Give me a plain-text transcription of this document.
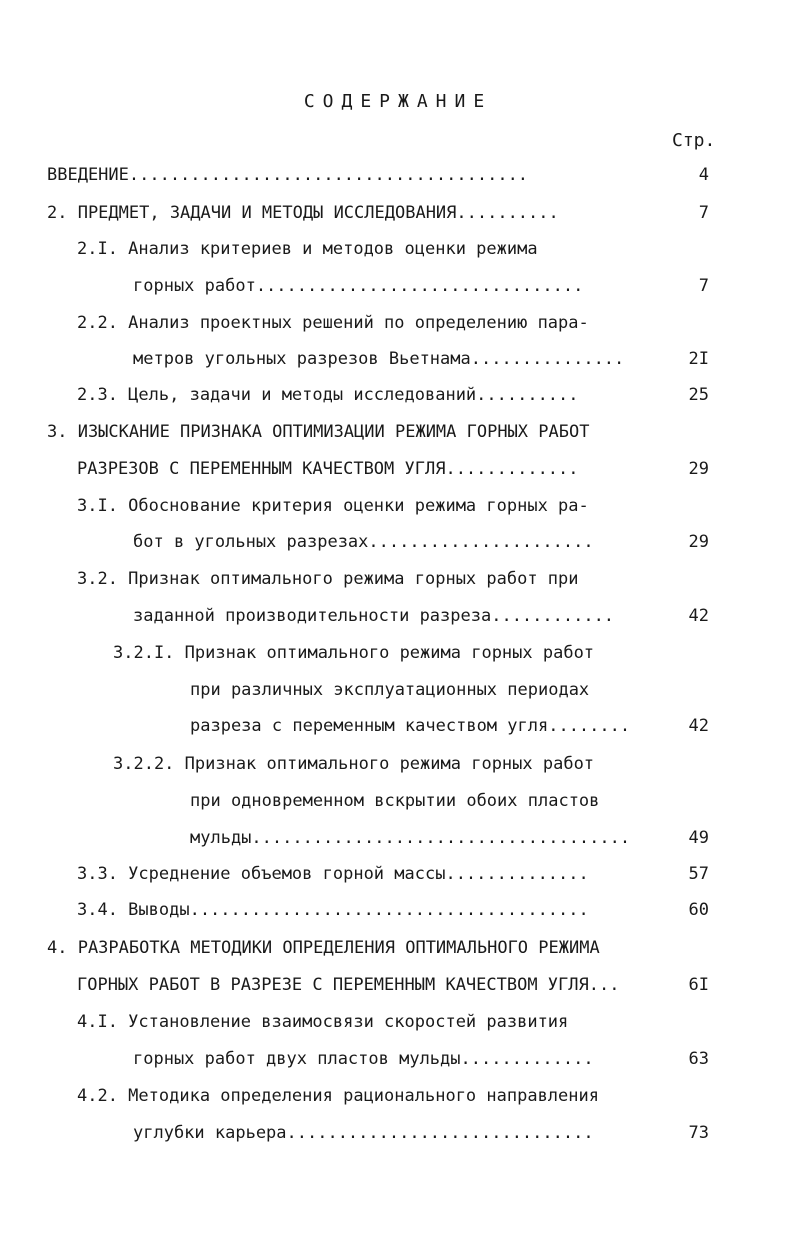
СОДЕРЖАНИЕ
Стр.
ВВЕДЕНИЕ.......................................	4
2. ПРЕДМЕТ, ЗАДАЧИ И МЕТОДЫ ИССЛЕДОВАНИЯ..........	7
2.I. Анализ критериев и методов оценки режима
горных работ................................	7
2.2. Анализ проектных решений по определению пара-
метров угольных разрезов Вьетнама...............	2I
2.3. Цель, задачи и методы исследований..........	25
3. ИЗЫСКАНИЕ ПРИЗНАКА ОПТИМИЗАЦИИ РЕЖИМА ГОРНЫХ РАБОТ
РАЗРЕЗОВ С ПЕРЕМЕННЫМ КАЧЕСТВОМ УГЛЯ.............	29
3.I. Обоснование критерия оценки режима горных ра-
бот в угольных разрезах......................	29
3.2. Признак оптимального режима горных работ при
заданной производительности разреза............	42
3.2.I. Признак оптимального режима горных работ
при различных эксплуатационных периодах
разреза с переменным качеством угля........	42
3.2.2. Признак оптимального режима горных работ
при одновременном вскрытии обоих пластов
мульды.....................................	49
3.3. Усреднение объемов горной массы..............	57
3.4. Выводы.......................................	60
4. РАЗРАБОТКА МЕТОДИКИ ОПРЕДЕЛЕНИЯ ОПТИМАЛЬНОГО РЕЖИМА
ГОРНЫХ РАБОТ В РАЗРЕЗЕ С ПЕРЕМЕННЫМ КАЧЕСТВОМ УГЛЯ...	6I
4.I. Установление взаимосвязи скоростей развития
горных работ двух пластов мульды.............	63
4.2. Методика определения рационального направления
углубки карьера..............................	73
